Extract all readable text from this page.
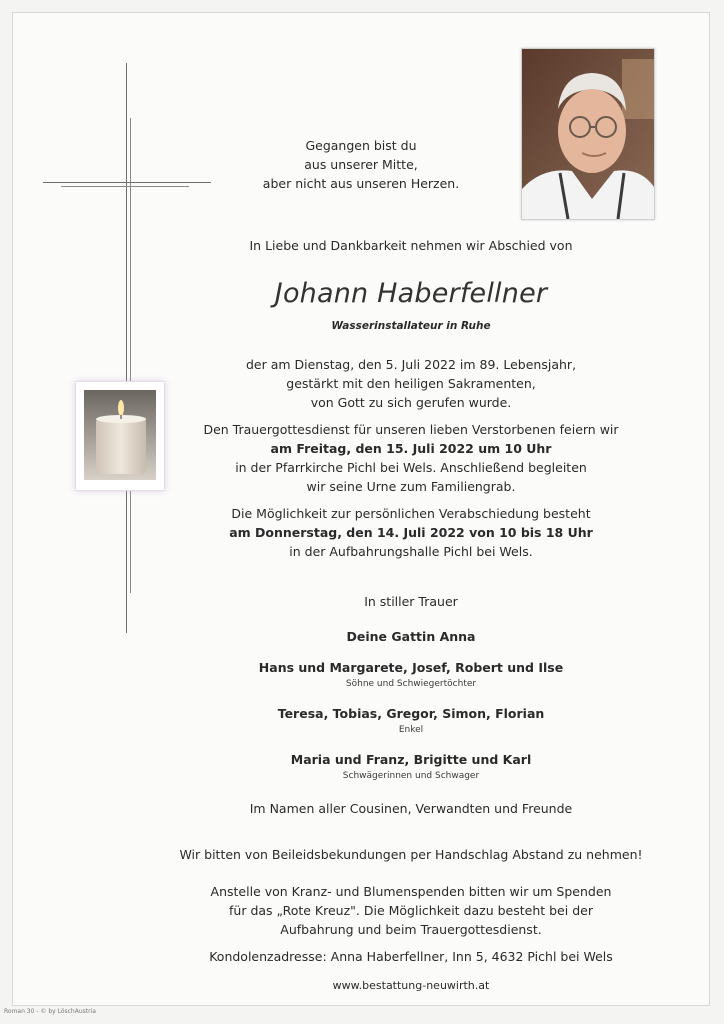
Gegangen bist du

aus unserer Mitte,

aber nicht aus unseren Herzen.

In Liebe und Dankbarkeit nehmen wir Abschied von

Johann Haberfellner

Wasserinstallateur in Ruhe

der am Dienstag, den 5. Juli 2022 im 89. Lebensjahr,

gestärkt mit den heiligen Sakramenten,

von Gott zu sich gerufen wurde.

Den Trauergottesdienst für unseren lieben Verstorbenen feiern wir

am Freitag, den 15. Juli 2022 um 10 Uhr

in der Pfarrkirche Pichl bei Wels. Anschließend begleiten

wir seine Urne zum Familiengrab.

Die Möglichkeit zur persönlichen Verabschiedung besteht

am Donnerstag, den 14. Juli 2022 von 10 bis 18 Uhr

in der Aufbahrungshalle Pichl bei Wels.

In stiller Trauer

Deine Gattin Anna

Hans und Margarete, Josef, Robert und Ilse

Söhne und Schwiegertöchter

Teresa, Tobias, Gregor, Simon, Florian

Enkel

Maria und Franz, Brigitte und Karl

Schwägerinnen und Schwager

Im Namen aller Cousinen, Verwandten und Freunde

Wir bitten von Beileidsbekundungen per Handschlag Abstand zu nehmen!

Anstelle von Kranz- und Blumenspenden bitten wir um Spenden

für das „Rote Kreuz". Die Möglichkeit dazu besteht bei der

Aufbahrung und beim Trauergottesdienst.

Kondolenzadresse: Anna Haberfellner, Inn 5, 4632 Pichl bei Wels

www.bestattung-neuwirth.at

Roman 30 - © by LöschAustria
